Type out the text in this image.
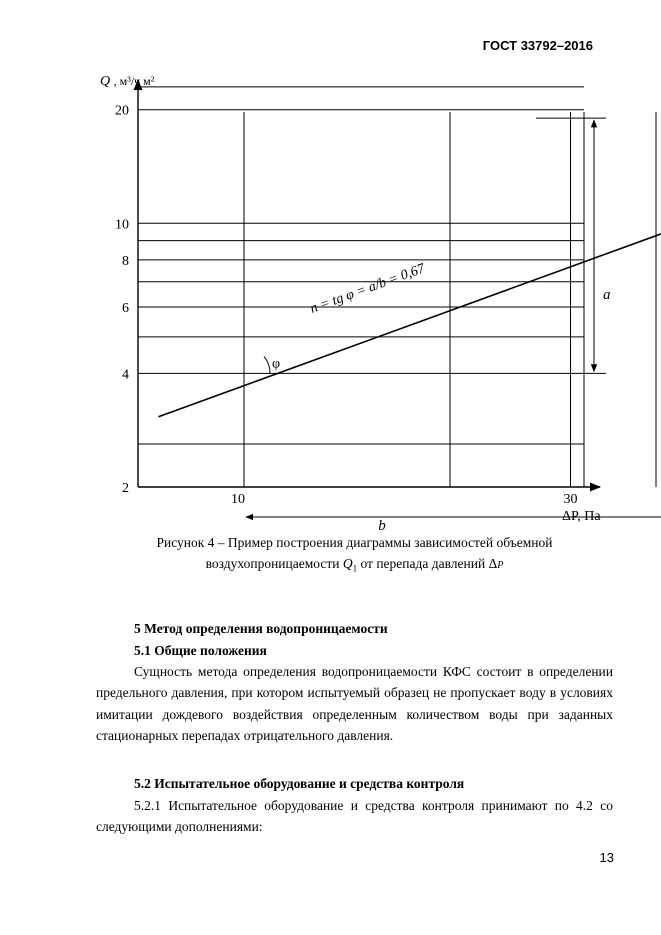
ГОСТ 33792–2016
10	30
2
4
6
8
10
20
Q , м³/ч м²
ΔP, Па
n = tg φ = a/b = 0,67
φ
a
b
Рисунок 4 – Пример построения диаграммы зависимостей объемной
воздухопроницаемости $Q_1$ от перепада давлений ΔP
5 Метод определения водопроницаемости
5.1 Общие положения
Сущность метода определения водопроницаемости КФС состоит в определении предельного давления, при котором испытуемый образец не пропускает воду в условиях имитации дождевого воздействия определенным количеством воды при заданных стационарных перепадах отрицательного давления.
5.2 Испытательное оборудование и средства контроля
5.2.1 Испытательное оборудование и средства контроля принимают по 4.2 со следующими дополнениями:
13
